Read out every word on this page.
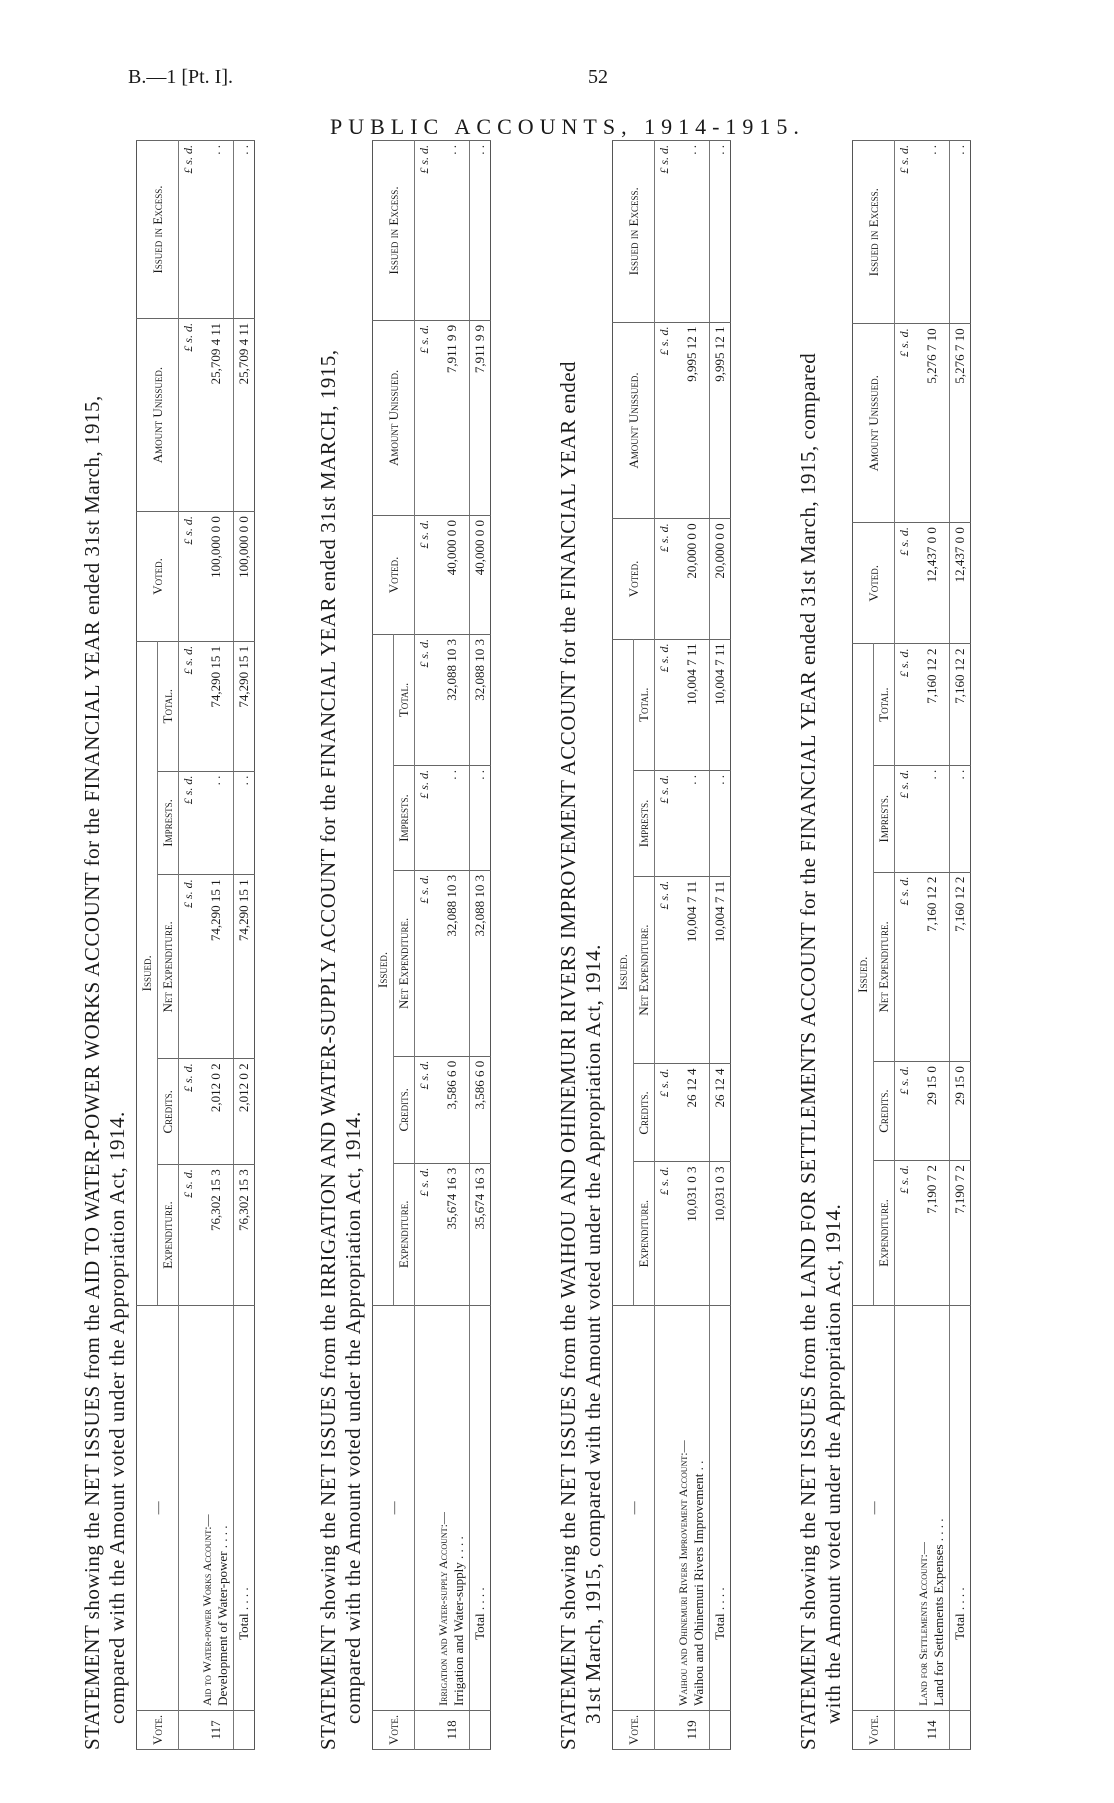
B.—1 [Pt. I].	52
PUBLIC ACCOUNTS, 1914-1915.
STATEMENT showing the NET ISSUES from the AID TO WATER-POWER WORKS ACCOUNT for the FINANCIAL YEAR ended 31st March, 1915, compared with the Amount voted under the Appropriation Act, 1914.
Vote.	—	Issued.					Voted.	Amount Unissued.	Issued in Excess.
		Expenditure.	Credits.	Net Expenditure.	Imprests.	Total.			
		£ s. d.	£ s. d.	£ s. d.	£ s. d.	£ s. d.	£ s. d.	£ s. d.	£ s. d.
117	Aid to Water-power Works Account:— Development of Water-power . . . .	76,302 15 3	2,012 0 2	74,290 15 1	. .	74,290 15 1	100,000 0 0	25,709 4 11	. .
	Total . . . .	76,302 15 3	2,012 0 2	74,290 15 1	. .	74,290 15 1	100,000 0 0	25,709 4 11	. .
STATEMENT showing the NET ISSUES from the IRRIGATION AND WATER-SUPPLY ACCOUNT for the FINANCIAL YEAR ended 31st MARCH, 1915, compared with the Amount voted under the Appropriation Act, 1914.
Vote.	—	Issued.					Voted.	Amount Unissued.	Issued in Excess.
		Expenditure.	Credits.	Net Expenditure.	Imprests.	Total.			
		£ s. d.	£ s. d.	£ s. d.	£ s. d.	£ s. d.	£ s. d.	£ s. d.	£ s. d.
118	Irrigation and Water-supply Account:— Irrigation and Water-supply . . . .	35,674 16 3	3,586 6 0	32,088 10 3	. .	32,088 10 3	40,000 0 0	7,911 9 9	. .
	Total . . . .	35,674 16 3	3,586 6 0	32,088 10 3	. .	32,088 10 3	40,000 0 0	7,911 9 9	. .
STATEMENT showing the NET ISSUES from the WAIHOU AND OHINEMURI RIVERS IMPROVEMENT ACCOUNT for the FINANCIAL YEAR ended 31st March, 1915, compared with the Amount voted under the Appropriation Act, 1914.
Vote.	—	Issued.					Voted.	Amount Unissued.	Issued in Excess.
		Expenditure.	Credits.	Net Expenditure.	Imprests.	Total.			
		£ s. d.	£ s. d.	£ s. d.	£ s. d.	£ s. d.	£ s. d.	£ s. d.	£ s. d.
119	Waihou and Ohinemuri Rivers Improvement Account:— Waihou and Ohinemuri Rivers Improvement . .	10,031 0 3	26 12 4	10,004 7 11	. .	10,004 7 11	20,000 0 0	9,995 12 1	. .
	Total . . . .	10,031 0 3	26 12 4	10,004 7 11	. .	10,004 7 11	20,000 0 0	9,995 12 1	. .
STATEMENT showing the NET ISSUES from the LAND FOR SETTLEMENTS ACCOUNT for the FINANCIAL YEAR ended 31st March, 1915, compared with the Amount voted under the Appropriation Act, 1914.
Vote.	—	Issued.					Voted.	Amount Unissued.	Issued in Excess.
		Expenditure.	Credits.	Net Expenditure.	Imprests.	Total.			
		£ s. d.	£ s. d.	£ s. d.	£ s. d.	£ s. d.	£ s. d.	£ s. d.	£ s. d.
114	Land for Settlements Account:— Land for Settlements Expenses . . . .	7,190 7 2	29 15 0	7,160 12 2	. .	7,160 12 2	12,437 0 0	5,276 7 10	. .
	Total . . . .	7,190 7 2	29 15 0	7,160 12 2	. .	7,160 12 2	12,437 0 0	5,276 7 10	. .
